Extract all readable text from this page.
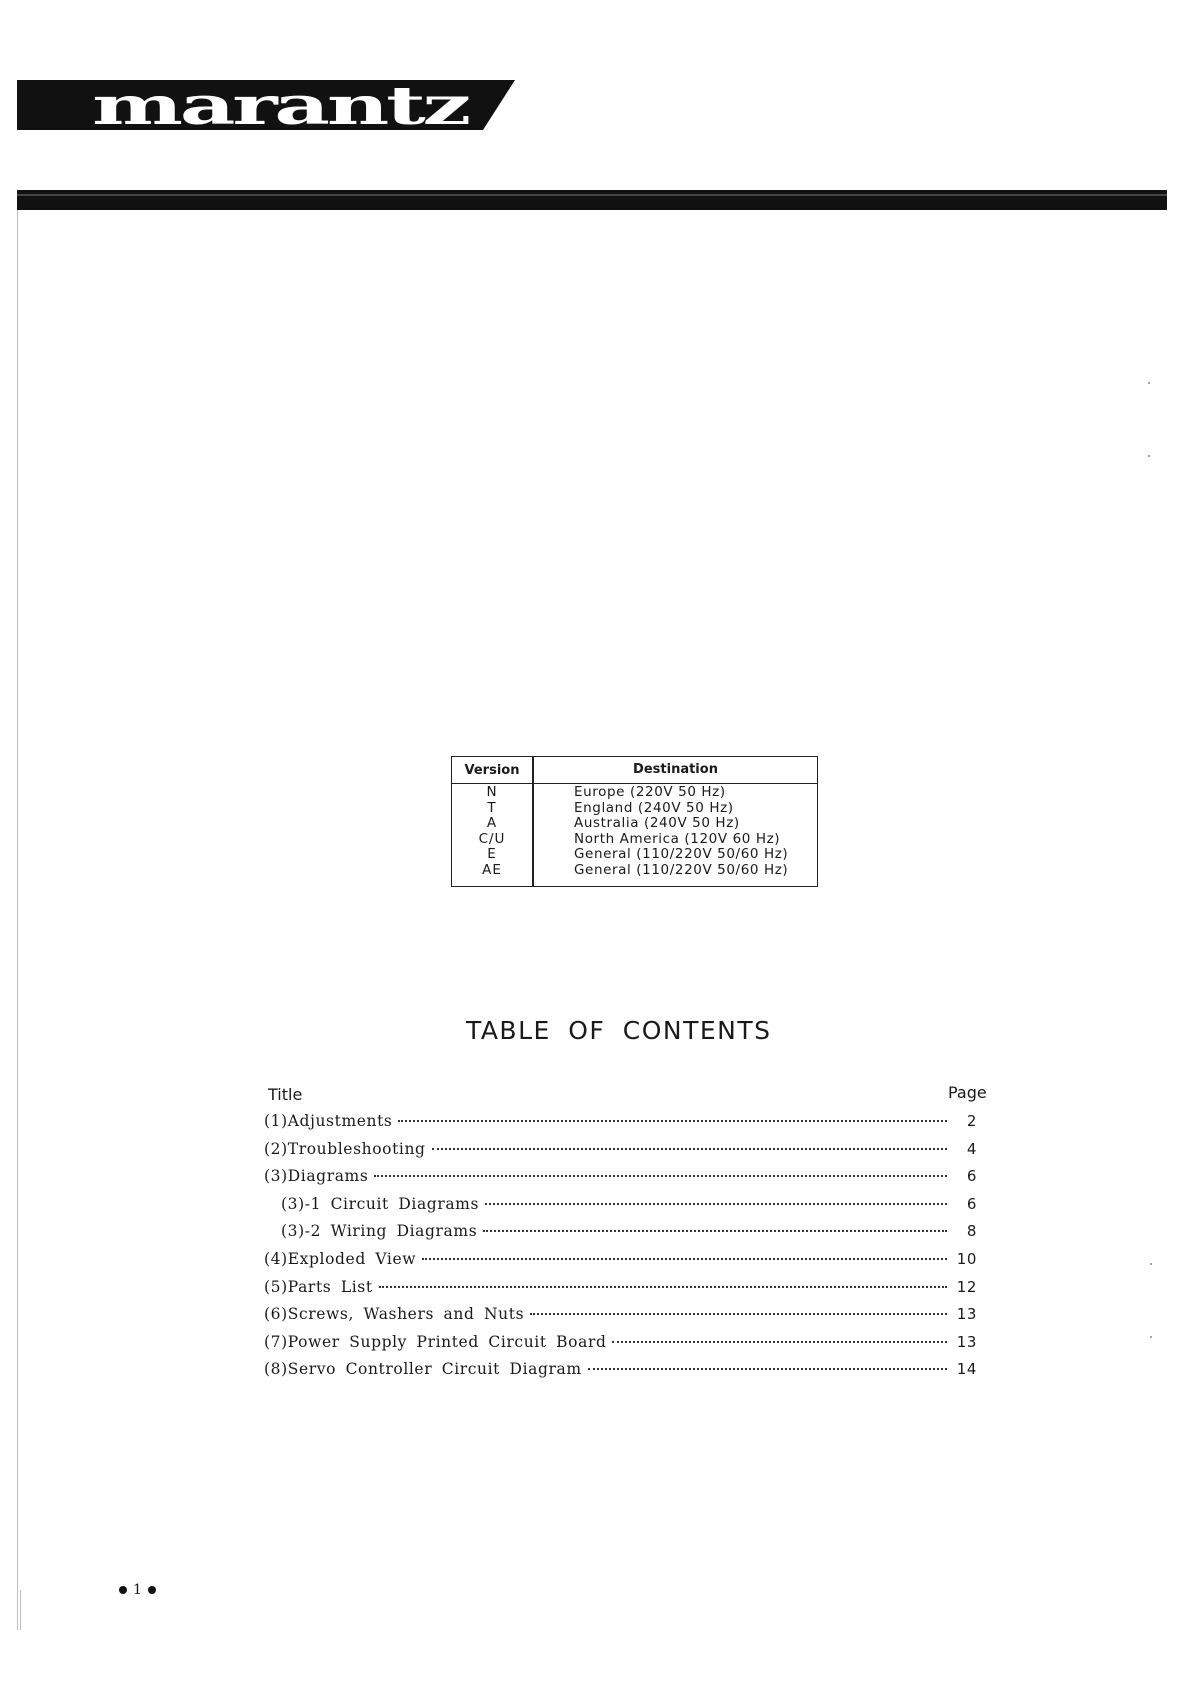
marantz
Version	Destination
N	Europe (220V 50 Hz)
T	England (240V 50 Hz)
A	Australia (240V 50 Hz)
C/U	North America (120V 60 Hz)
E	General (110/220V 50/60 Hz)
AE	General (110/220V 50/60 Hz)
TABLE OF CONTENTS
Title	Page
(1)Adjustments	2
(2)Troubleshooting	4
(3)Diagrams	6
(3)-1 Circuit Diagrams	6
(3)-2 Wiring Diagrams	8
(4)Exploded View	10
(5)Parts List	12
(6)Screws, Washers and Nuts	13
(7)Power Supply Printed Circuit Board	13
(8)Servo Controller Circuit Diagram	14
1
